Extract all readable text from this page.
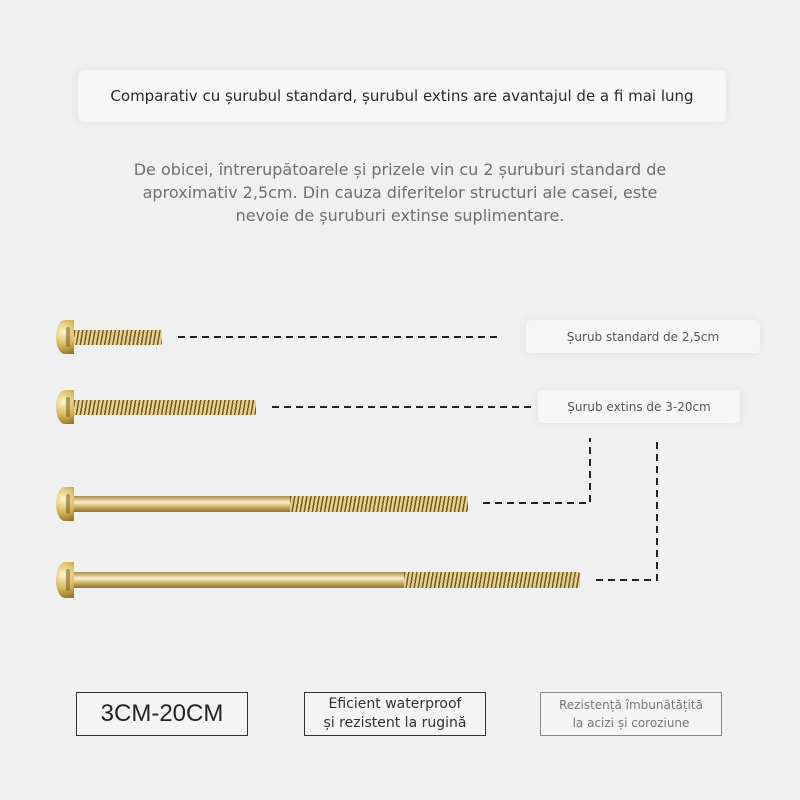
Comparativ cu șurubul standard, șurubul extins are avantajul de a fi mai lung
De obicei, întrerupătoarele și prizele vin cu 2 șuruburi standard de
aproximativ 2,5cm. Din cauza diferitelor structuri ale casei, este
nevoie de șuruburi extinse suplimentare.
Șurub standard de 2,5cm
Șurub extins de 3-20cm
3CM-20CM	Eficient waterproof
și rezistent la rugină
Rezistență îmbunătățită
la acizi și coroziune
